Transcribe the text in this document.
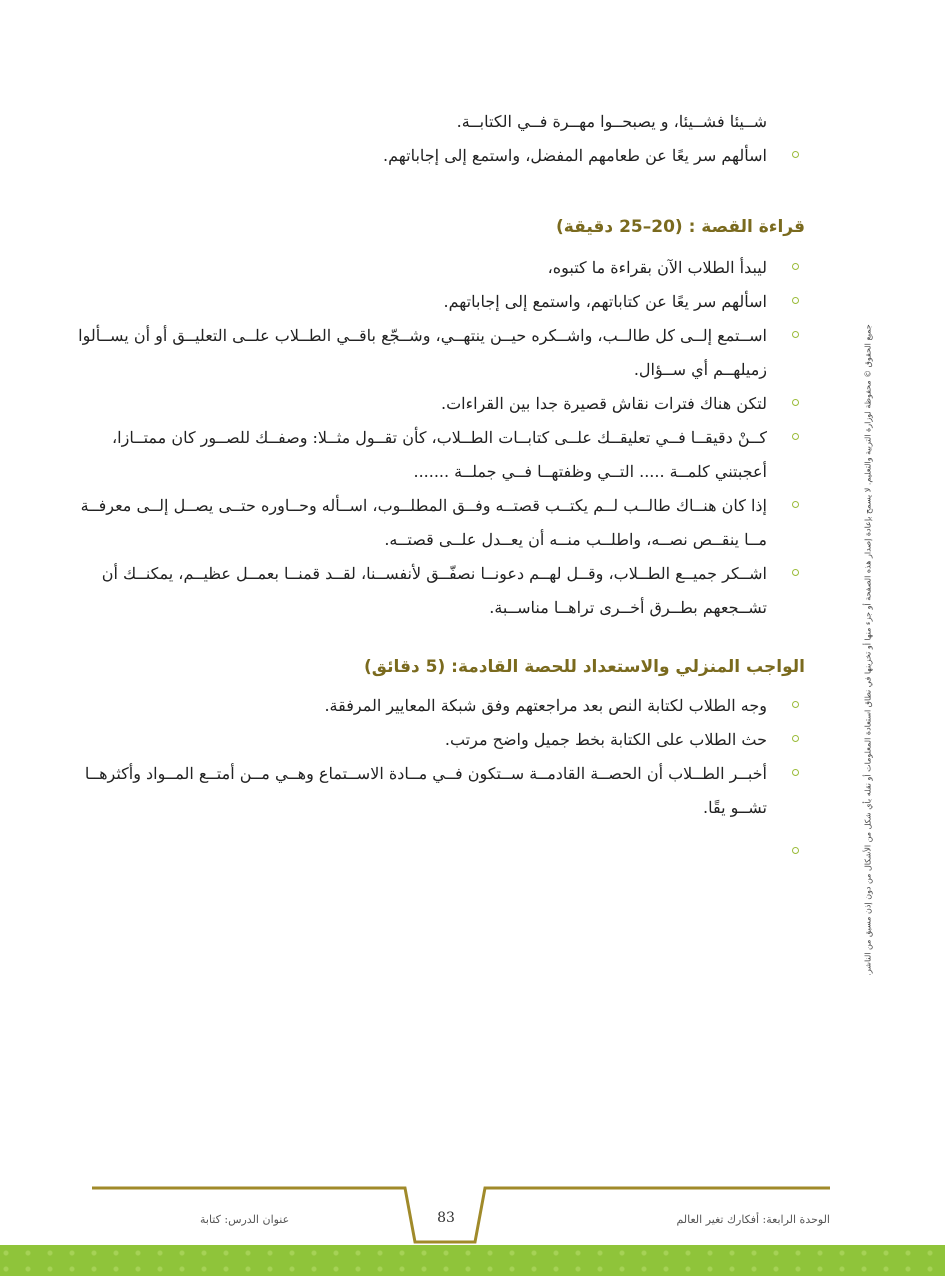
شــيئا فشــيئا، و يصبحــوا مهــرة فــي الكتابــة.
اسألهم سر يعًا عن طعامهم المفضل، واستمع إلى إجاباتهم.
قراءة القصة : (20–25 دقيقة)
ليبدأ الطلاب الآن بقراءة ما كتبوه،
اسألهم سر يعًا عن كتاباتهم، واستمع إلى إجاباتهم.
اســتمع إلــى كل طالــب، واشــكره حيــن ينتهــي، وشــجّع باقــي الطــلاب علــى التعليــق أو أن يســألوا زميلهــم أي ســؤال.
لتكن هناك فترات نقاش قصيرة جدا بين القراءات.
كــنْ دقيقــا فــي تعليقــك علــى كتابــات الطــلاب، كأن تقــول مثــلا: وصفــك للصــور كان ممتــازا، أعجبتني كلمــة ..... التــي وظفتهــا فــي جملــة .......
إذا كان هنــاك طالــب لــم يكتــب قصتــه وفــق المطلــوب، اســأله وحــاوره حتــى يصــل إلــى معرفــة مــا ينقــص نصــه، واطلــب منــه أن يعــدل علــى قصتــه.
اشــكر جميــع الطــلاب، وقــل لهــم دعونــا نصفّــق لأنفســنا، لقــد قمنــا بعمــل عظيــم، يمكنــك أن تشــجعهم بطــرق أخــرى تراهــا مناســبة.
الواجب المنزلي والاستعداد للحصة القادمة: (5 دقائق)
وجه الطلاب لكتابة النص بعد مراجعتهم وفق شبكة المعايير المرفقة.
حث الطلاب على الكتابة بخط جميل واضح مرتب.
أخبــر الطــلاب أن الحصــة القادمــة ســتكون فــي مــادة الاســتماع وهــي مــن أمتــع المــواد وأكثرهــا تشــو يقًا.	جميع الحقوق © محفوظة لوزارة التربية والتعليم. لا يسمح بإعادة إصدار هذه الصفحة أو جزء منها أو تخزينها في نطاق استعادة المعلومات أو نقله بأي شكل من الأشكال من دون إذن مسبق من الناشر.
الوحدة الرابعة: أفكارك تغير العالم
83
عنوان الدرس: كتابة
